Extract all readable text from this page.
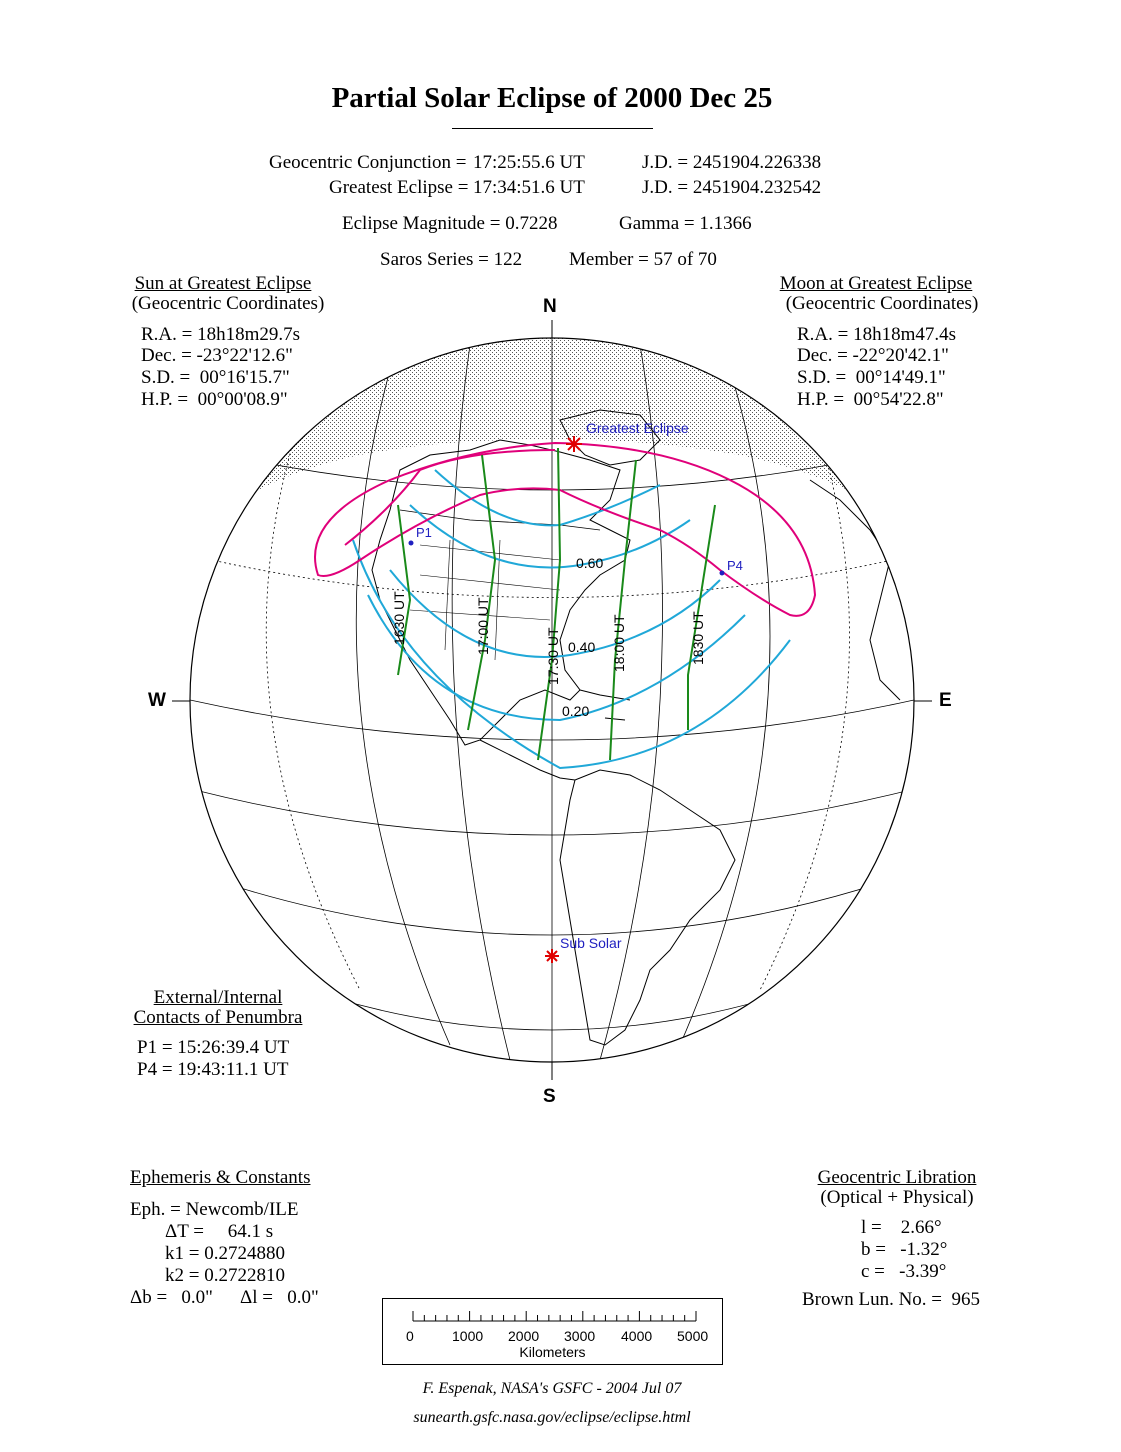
Partial Solar Eclipse of 2000 Dec 25
Geocentric Conjunction = 17:25:55.6 UT	J.D. = 2451904.226338
Greatest Eclipse = 17:34:51.6 UT	J.D. = 2451904.232542
Eclipse Magnitude = 0.7228	Gamma = 1.1366
Saros Series = 122 Member = 57 of 70
Sun at Greatest Eclipse
(Geocentric Coordinates)
R.A. = 18h18m29.7s
Dec. = -23°22'12.6"
S.D. =  00°16'15.7"
H.P. =  00°00'08.9"
Moon at Greatest Eclipse
(Geocentric Coordinates)
R.A. = 18h18m47.4s
Dec. = -22°20'42.1"
S.D. =  00°14'49.1"
H.P. =  00°54'22.8"
Greatest Eclipse
Sub Solar
P1
P4
0.60
0.40
0.20
1630 UT	17:00 UT
17:30 UT	18:00 UT	1830 UT
N
S
W	E
External/Internal
Contacts of Penumbra
P1 = 15:26:39.4 UT
P4 = 19:43:11.1 UT
Ephemeris & Constants
Eph. = Newcomb/ILE
ΔT =     64.1 s
k1 = 0.2724880
k2 = 0.2722810
Δb =   0.0" Δl =   0.0"
Geocentric Libration
(Optical + Physical)
l =    2.66°
b =   -1.32°
c =   -3.39°
Brown Lun. No. =  965
0	1000 2000 3000 4000 5000
Kilometers
F. Espenak, NASA's GSFC - 2004 Jul 07
sunearth.gsfc.nasa.gov/eclipse/eclipse.html
